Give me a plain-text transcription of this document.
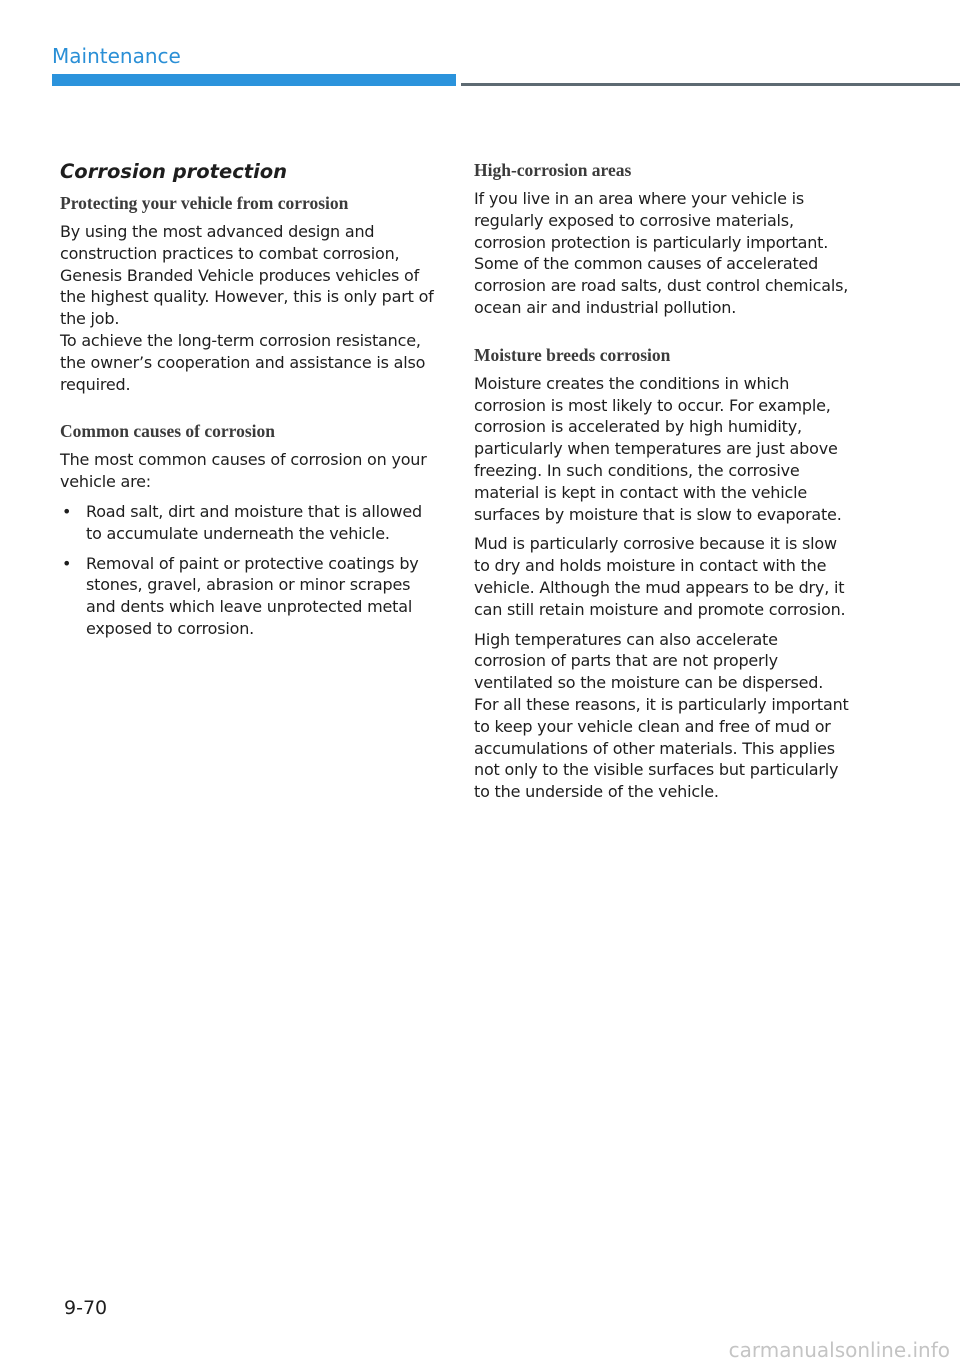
Maintenance
Corrosion protection
Protecting your vehicle from corrosion

By using the most advanced design and construction practices to combat corrosion, Genesis Branded Vehicle produces vehicles of the highest quality. However, this is only part of the job.

To achieve the long-term corrosion resistance, the owner’s cooperation and assistance is also required.

Common causes of corrosion

The most common causes of corrosion on your vehicle are:

• Road salt, dirt and moisture that is allowed to accumulate underneath the vehicle.
• Removal of paint or protective coatings by stones, gravel, abrasion or minor scrapes and dents which leave unprotected metal exposed to corrosion.
High-corrosion areas

If you live in an area where your vehicle is regularly exposed to corrosive materials, corrosion protection is particularly important. Some of the common causes of accelerated corrosion are road salts, dust control chemicals, ocean air and industrial pollution.

Moisture breeds corrosion

Moisture creates the conditions in which corrosion is most likely to occur. For example, corrosion is accelerated by high humidity, particularly when temperatures are just above freezing. In such conditions, the corrosive material is kept in contact with the vehicle surfaces by moisture that is slow to evaporate.

Mud is particularly corrosive because it is slow to dry and holds moisture in contact with the vehicle. Although the mud appears to be dry, it can still retain moisture and promote corrosion.

High temperatures can also accelerate corrosion of parts that are not properly ventilated so the moisture can be dispersed. For all these reasons, it is particularly important to keep your vehicle clean and free of mud or accumulations of other materials. This applies not only to the visible surfaces but particularly to the underside of the vehicle.

9-70
carmanualsonline.info
